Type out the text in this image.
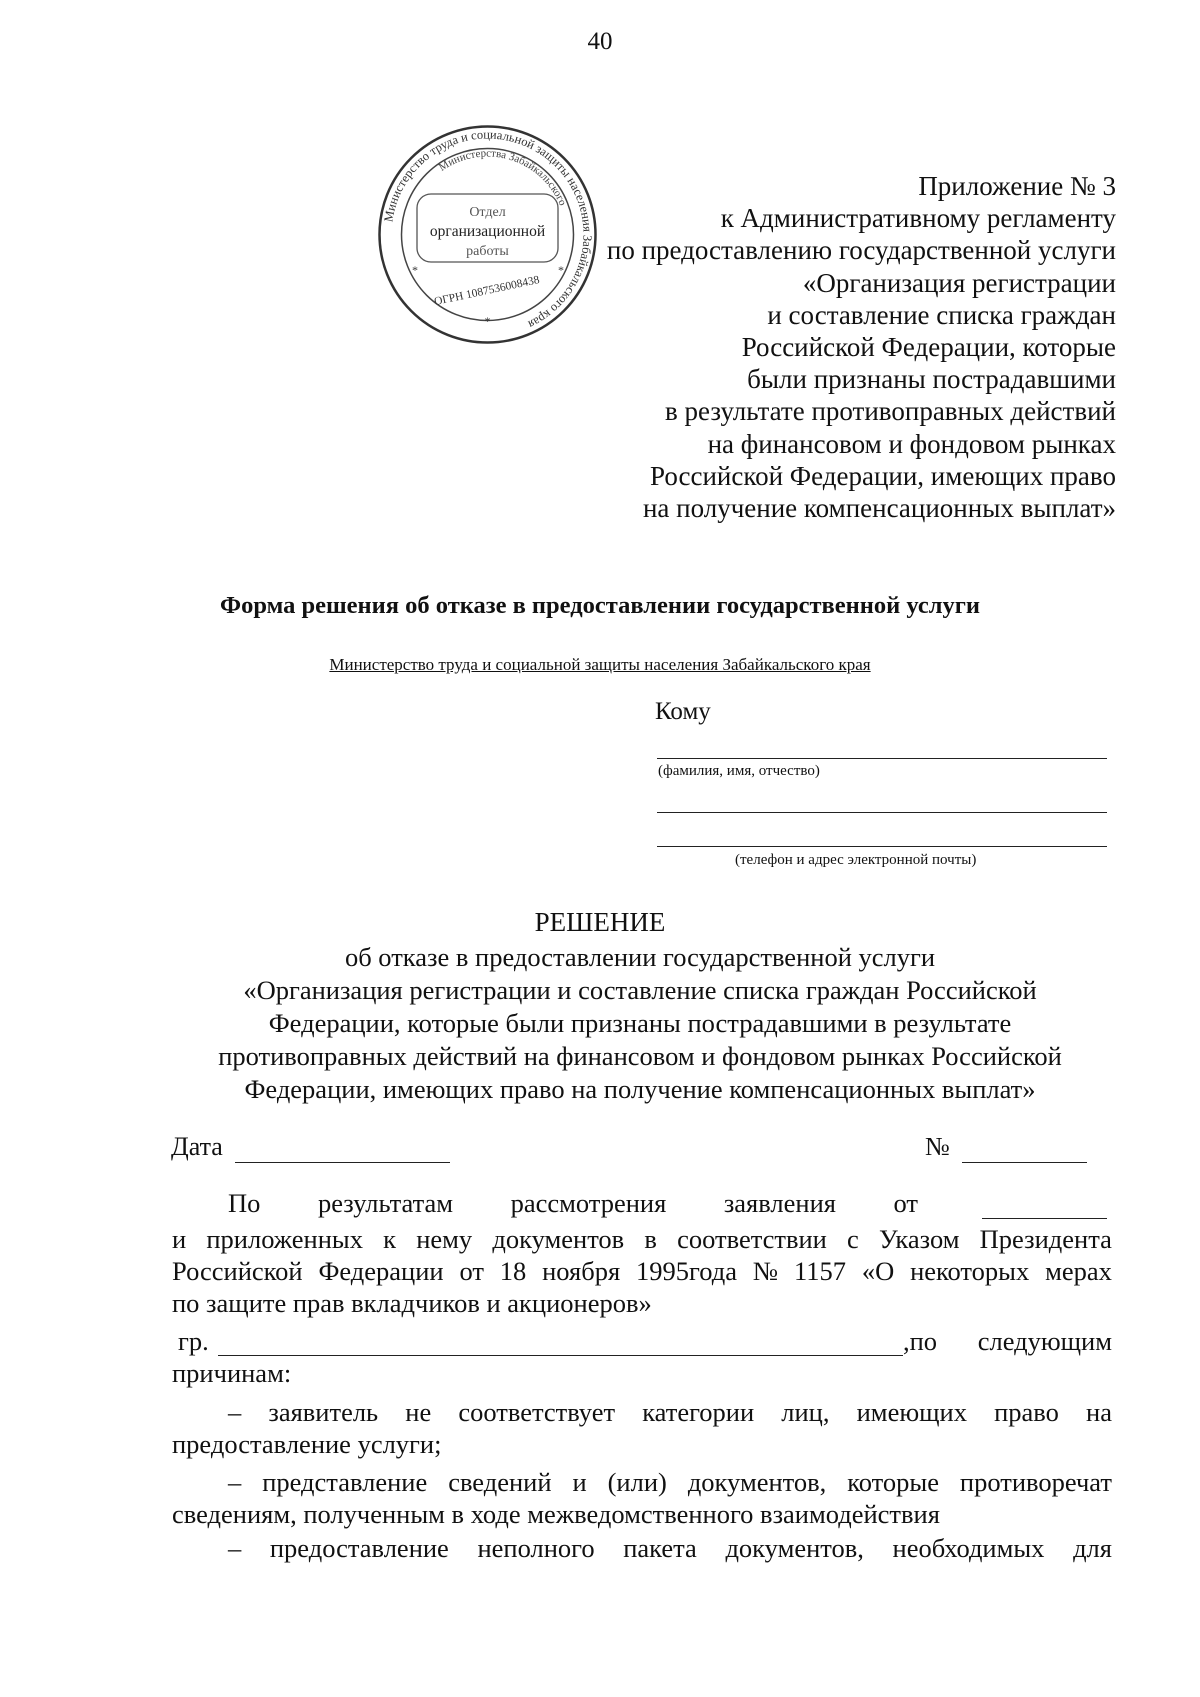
40
Министерство труда и социальной защиты населения Забайкальского края
Министерства Забайкальского
Отдел
организационной
работы
ОГРН 1087536008438
*	*
*
Приложение № 3
к Административному регламенту
по предоставлению государственной услуги
«Организация регистрации
и составление списка граждан
Российской Федерации, которые
были признаны пострадавшими
в результате противоправных действий
на финансовом и фондовом рынках
Российской Федерации, имеющих право
на получение компенсационных выплат»
Форма решения об отказе в предоставлении государственной услуги
Министерство труда и социальной защиты населения Забайкальского края
Кому
(фамилия, имя, отчество)
(телефон и адрес электронной почты)
РЕШЕНИЕ
об отказе в предоставлении государственной услуги
«Организация регистрации и составление списка граждан Российской
Федерации, которые были признаны пострадавшими в результате
противоправных действий на финансовом и фондовом рынках Российской
Федерации, имеющих право на получение компенсационных выплат»
Дата	№
По результатам рассмотрения заявления от
и приложенных к нему документов в соответствии с Указом Президента
Российской Федерации от 18 ноября 1995года № 1157 «О некоторых мерах
по защите прав вкладчиков и акционеров»
гр.	,по следующим
причинам:
– заявитель не соответствует категории лиц, имеющих право на
предоставление услуги;
– представление сведений и (или) документов, которые противоречат
сведениям, полученным в ходе межведомственного взаимодействия
– предоставление неполного пакета документов, необходимых для
